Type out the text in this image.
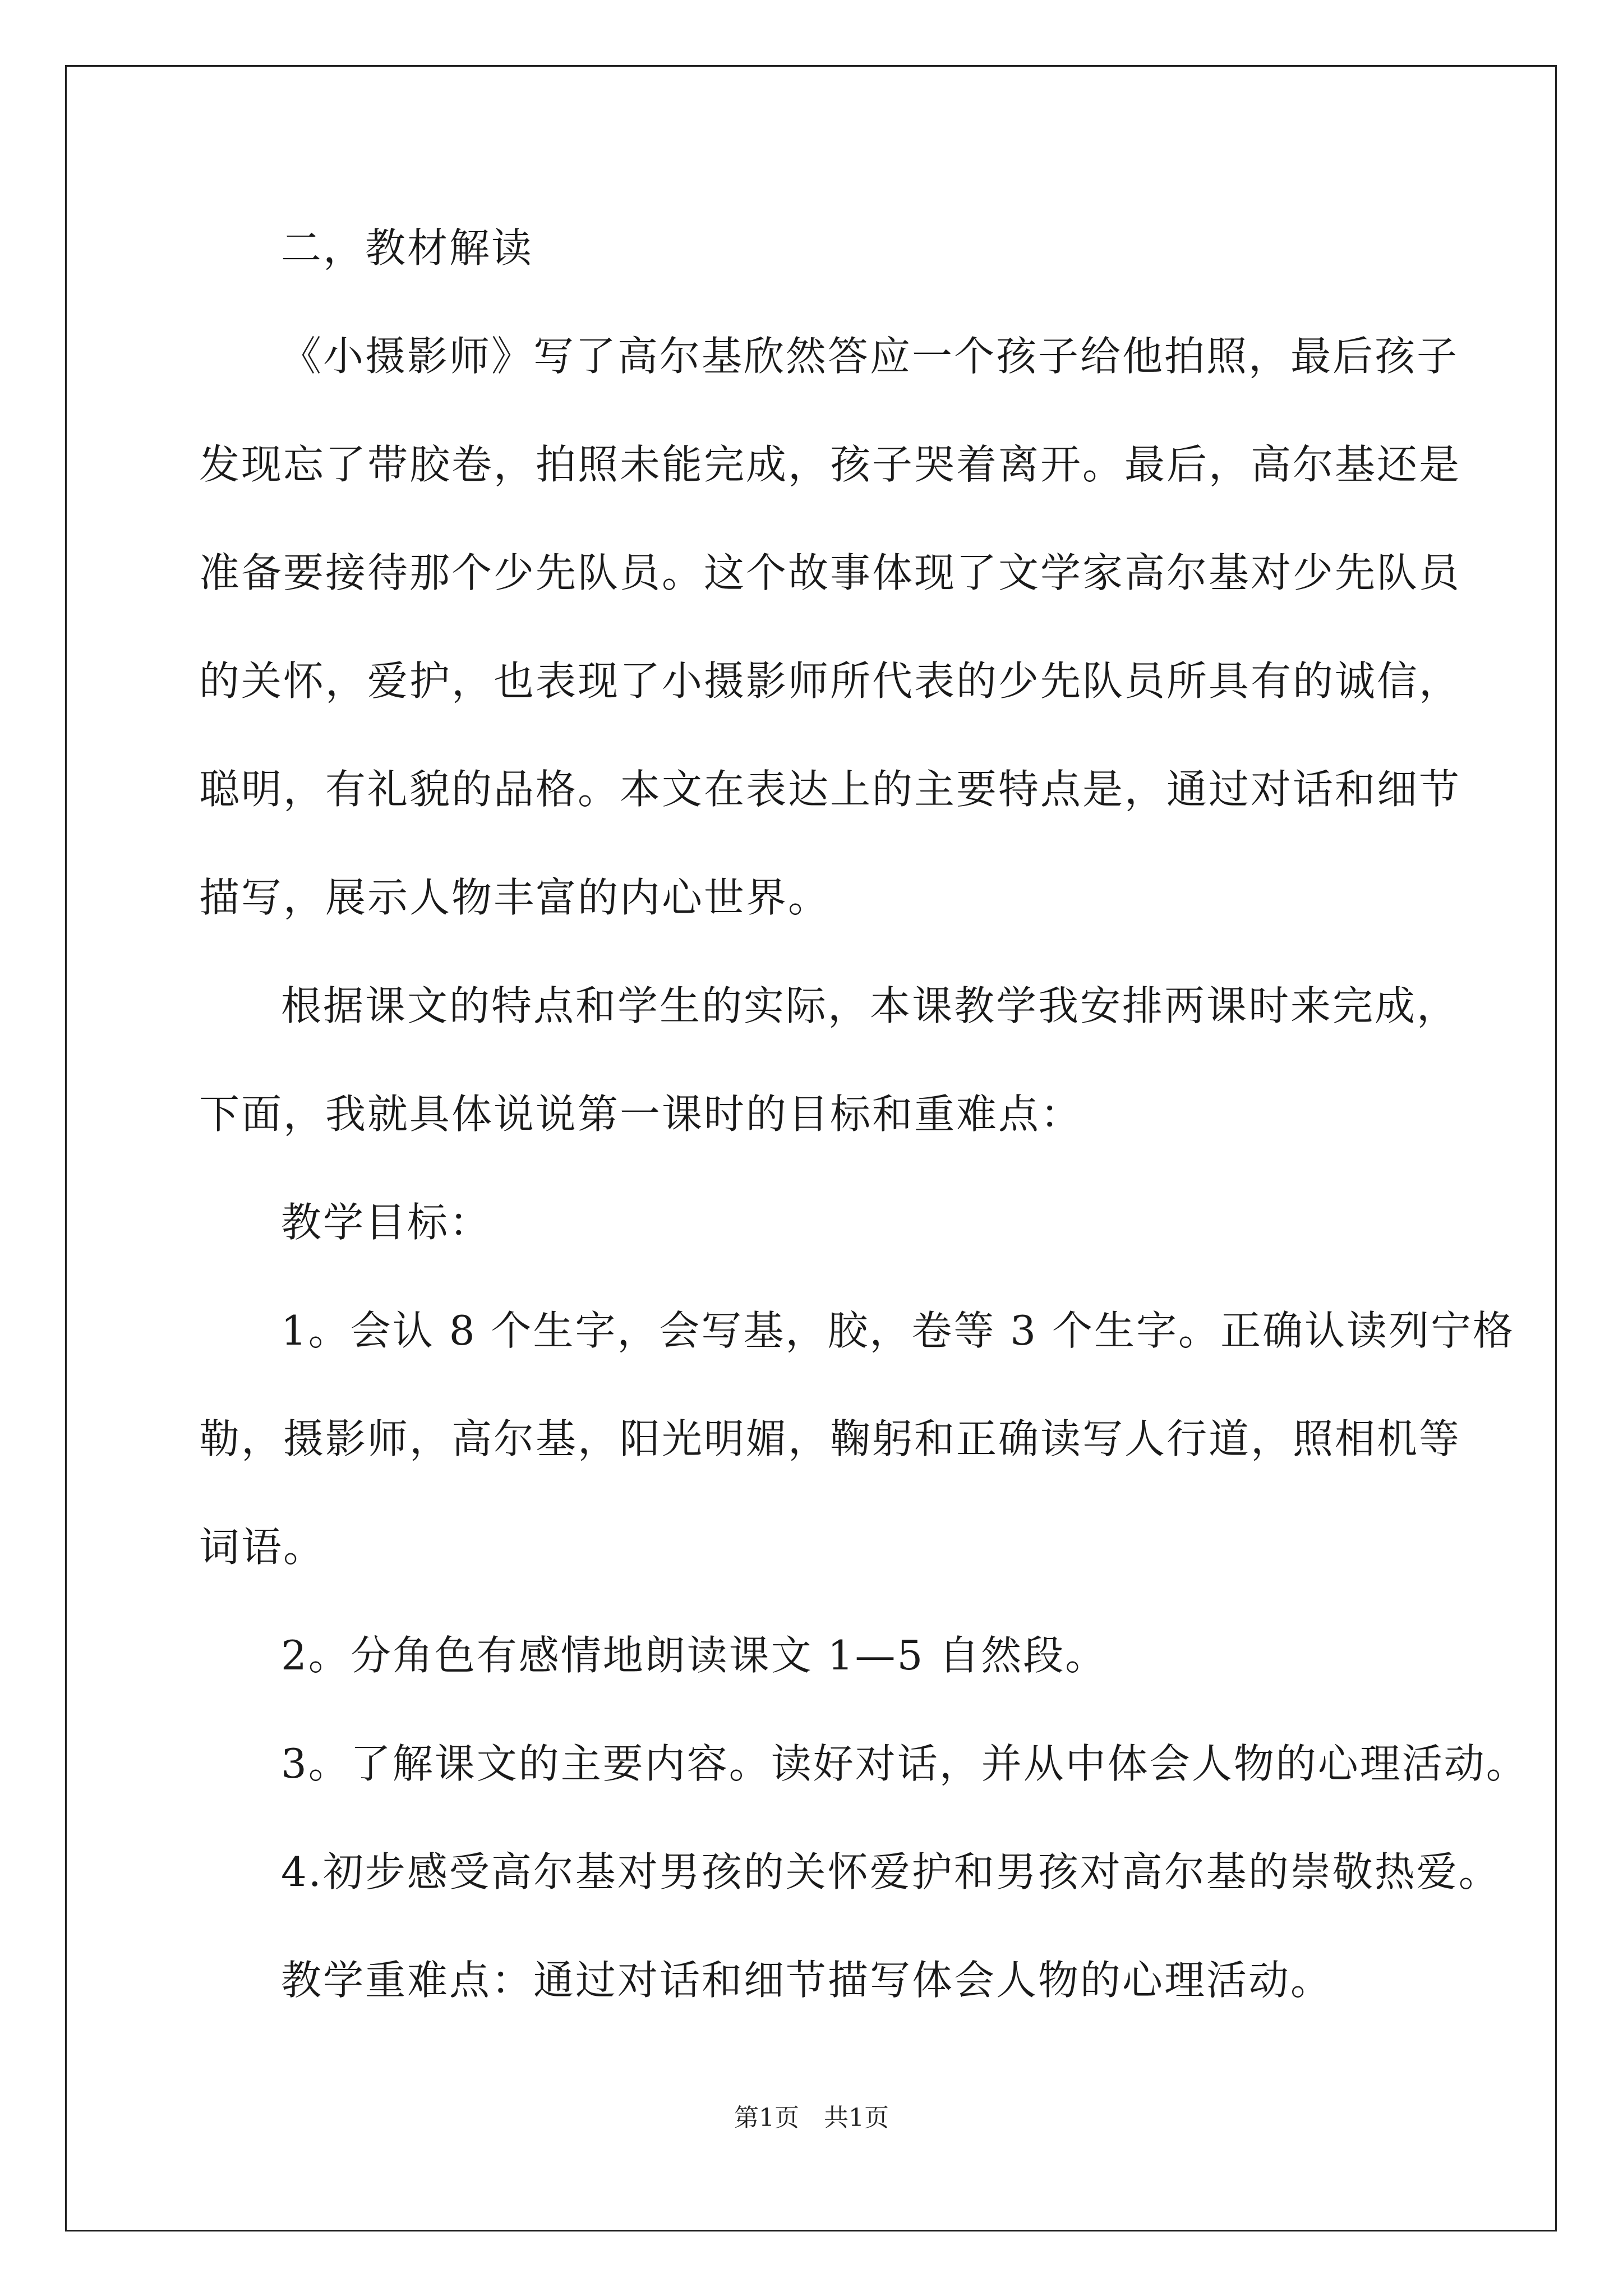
二，教材解读
《小摄影师》写了高尔基欣然答应一个孩子给他拍照，最后孩子
发现忘了带胶卷，拍照未能完成，孩子哭着离开。最后，高尔基还是
准备要接待那个少先队员。这个故事体现了文学家高尔基对少先队员
的关怀，爱护，也表现了小摄影师所代表的少先队员所具有的诚信，
聪明，有礼貌的品格。本文在表达上的主要特点是，通过对话和细节
描写，展示人物丰富的内心世界。
根据课文的特点和学生的实际，本课教学我安排两课时来完成，
下面，我就具体说说第一课时的目标和重难点：
教学目标：
1。会认 8 个生字，会写基，胶，卷等 3 个生字。正确认读列宁格
勒，摄影师，高尔基，阳光明媚，鞠躬和正确读写人行道，照相机等
词语。
2。分角色有感情地朗读课文 1—5 自然段。
3。了解课文的主要内容。读好对话，并从中体会人物的心理活动。
4.初步感受高尔基对男孩的关怀爱护和男孩对高尔基的崇敬热爱。
教学重难点：通过对话和细节描写体会人物的心理活动。
第1页　共1页
